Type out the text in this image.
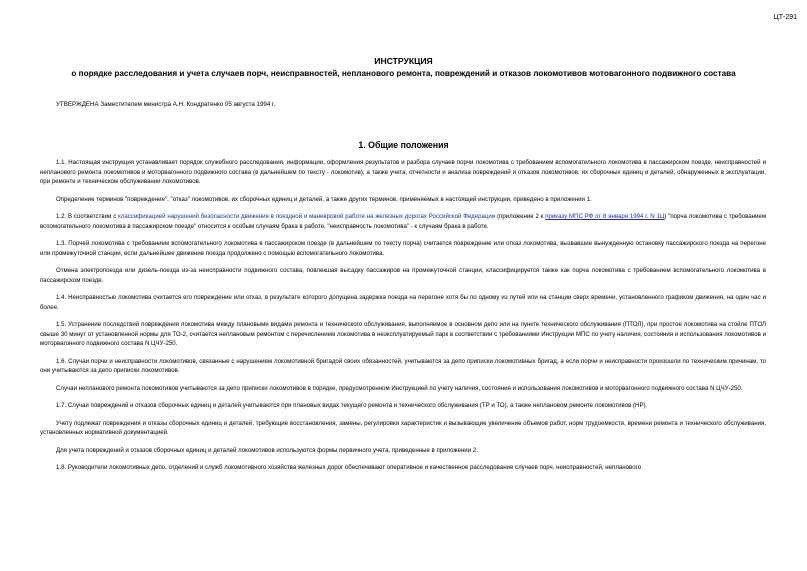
ЦТ-291
ИНСТРУКЦИЯ
о порядке расследования и учета случаев порч, неисправностей, непланового ремонта, повреждений и отказов локомотивов мотовагонного подвижного состава
УТВЕРЖДЕНА Заместителем министра А.Н. Кондратенко 05 августа 1994 г.
1. Общие положения

1.1. Настоящая инструкция устанавливает порядок служебного расследования, информации, оформления результатов и разбора случаев порчи локомотива с требованием вспомогательного локомотива в пассажирском поезде, неисправностей и непланового ремонта локомотивов и моторвагонного подвижного состава (в дальнейшем по тексту - локомотив), а также учета, отчетности и анализа повреждений и отказов локомотивов, их сборочных единиц и деталей, обнаруженных в эксплуатации, при ремонте и техническом обслуживании локомотивов.

Определение терминов "повреждение", "отказ" локомотивов, их сборочных единиц и деталей, а также других терминов, применяемых в настоящей инструкции, приведено в приложении 1.

1.2. В соответствии с классификацией нарушений безопасности движения в поездной и маневровой работе на железных дорогах Российской Федерации (приложение 2 к приказу МПС РФ от 8 января 1994 г. N 1Ц) "порча локомотива с требованием вспомогательного локомотива в пассажирском поезде" относится к особым случаям брака в работе, "неисправность локомотива" - к случаям брака в работе.

1.3. Порчей локомотива с требованием вспомогательного локомотива в пассажирском поезде (в дальнейшем по тексту порча) считается повреждение или отказ локомотива, вызвавшие вынужденную остановку пассажирского поезда на перегоне или промежуточной станции, если дальнейшее движение поезда продолжено с помощью вспомогательного локомотива.

Отмена электропоезда или дизель-поезда из-за неисправности подвижного состава, повлекшая высадку пассажиров на промежуточной станции, классифицируется также как порча локомотива с требованием вспомогательного локомотива в пассажирском поезде.

1.4. Неисправностью локомотива считается его повреждение или отказ, в результате которого допущена задержка поезда на перегоне хотя бы по одному из путей или на станции сверх времени, установленного графиком движения, на один час и более.

1.5. Устранение последствий повреждения локомотива между плановыми видами ремонта и технического обслуживания, выполняемое в основном депо или на пункте технического обслуживания (ПТОЛ), при простое локомотива на стойле ПТОЛ свыше 30 минут от установленной нормы для ТО-2, считается неплановым ремонтом с перечислением локомотива в неэксплуатируемый парк в соответствии с требованиями Инструкции МПС по учету наличия, состояния и использования локомотивов и моторвагонного подвижного состава N ЦЧУ-250.

1.6. Случаи порчи и неисправности локомотивов, связанные с нарушением локомотивной бригадой своих обязанностей, учитываются за депо приписки локомотивных бригад, а если порчи и неисправности произошли по техническим причинам, то они учитываются за депо приписки локомотивов.

Случаи непланового ремонта локомотивов учитываются за депо приписки локомотивов в порядке, предусмотренном Инструкцией по учету наличия, состояния и использования локомотивов и моторвагонного подвижного состава N ЦЧУ-250.

1.7. Случаи повреждений и отказов сборочных единиц и деталей учитываются при плановых видах текущего ремонта и технического обслуживания (ТР и ТО), а также неплановом ремонте локомотивов (НР).

Учету подлежат повреждения и отказы сборочных единиц и деталей, требующие восстановления, замены, регулировки характеристик и вызывающие увеличение объемов работ, норм трудоемкости, времени ремонта и технического обслуживания, установленных нормативной документацией.

Для учета повреждений и отказов сборочных единиц и деталей локомотивов используются формы первичного учета, приведенные в приложении 2.

1.8. Руководители локомотивных депо, отделений и служб локомотивного хозяйства железных дорог обеспечивают оперативное и качественное расследование случаев порч, неисправностей, непланового
